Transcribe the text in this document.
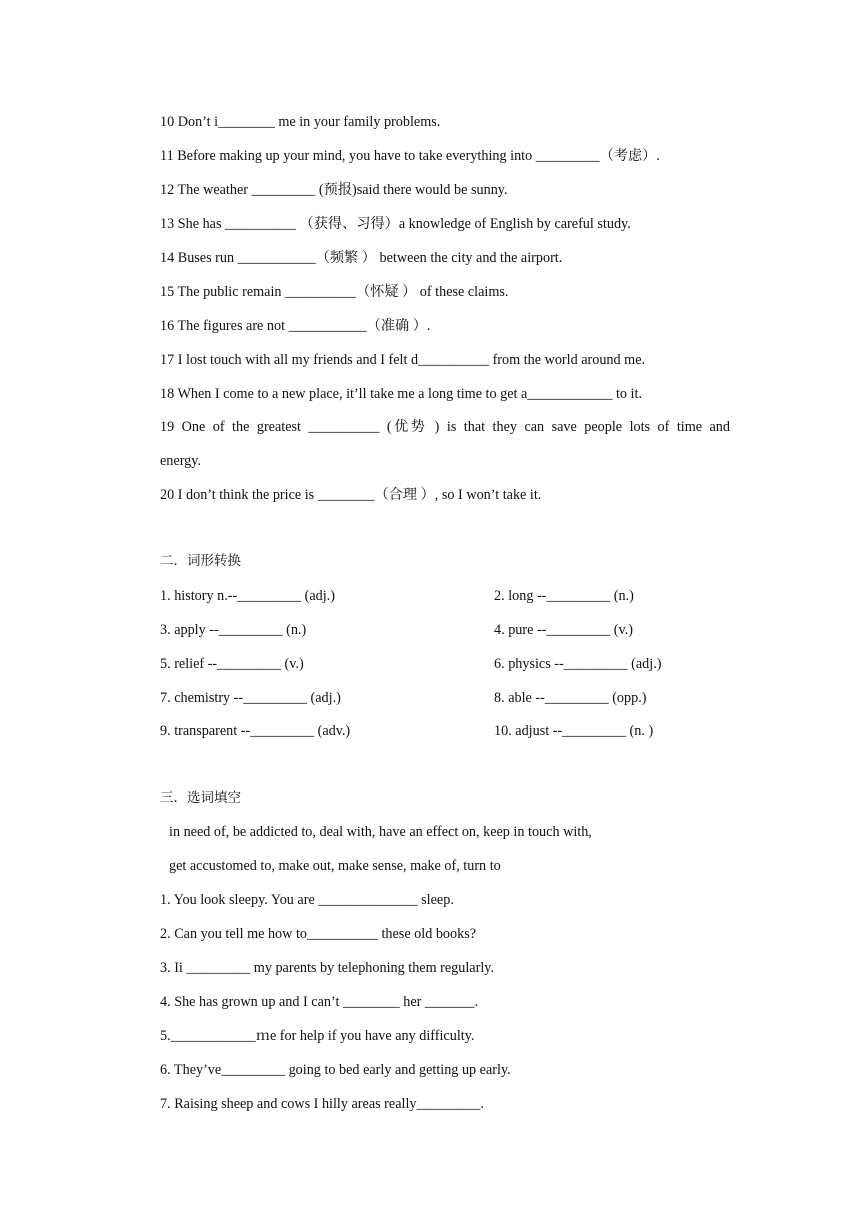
10 Don’t i________ me in your family problems.
11 Before making up your mind, you have to take everything into _________（考虑）.
12 The weather _________ (预报)said there would be sunny.
13 She has __________ （获得、习得）a knowledge of English by careful study.
14 Buses run ___________（频繁 ） between the city and the airport.
15 The public remain __________（怀疑 ） of these claims.
16 The figures are not ___________（准确 ）.
17 I lost touch with all my friends and I felt d__________ from the world around me.
18 When I come to a new place, it’ll take me a long time to get a____________ to it.
19 One of the greatest __________ (优势 ) is that they can save people lots of time and
energy.
20 I don’t think the price is ________（合理 ）, so I won’t take it.
二．词形转换
1. history n.--_________ (adj.)	2. long --_________ (n.)
3. apply --_________ (n.)	4. pure --_________ (v.)
5. relief --_________ (v.)	6. physics --_________ (adj.)
7. chemistry --_________ (adj.)	8. able --_________ (opp.)
9. transparent --_________ (adv.)	10. adjust --_________ (n. )
三．选词填空
in need of, be addicted to, deal with, have an effect on, keep in touch with,
get accustomed to, make out, make sense, make of, turn to
1. You look sleepy. You are ______________ sleep.
2. Can you tell me how to__________ these old books?
3. Ii _________ my parents by telephoning them regularly.
4. She has grown up and I can’t ________ her _______.
5.____________ｍe for help if you have any difficulty.
6. They’ve_________ going to bed early and getting up early.
7. Raising sheep and cows I hilly areas really_________.
